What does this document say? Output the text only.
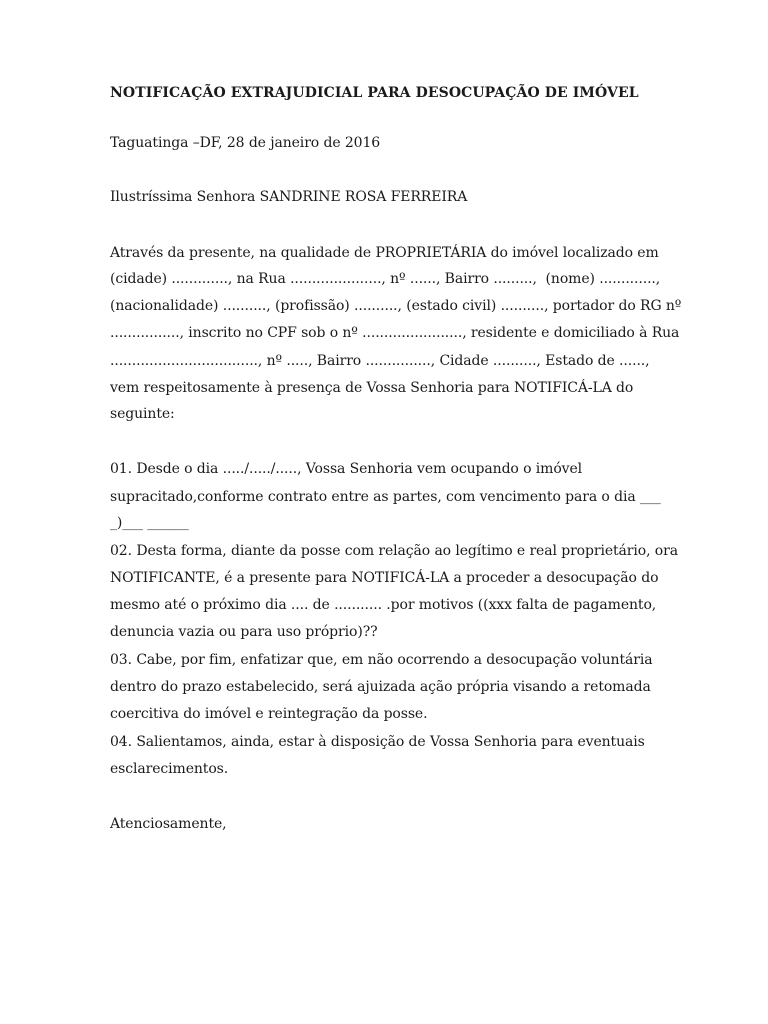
NOTIFICAÇÃO EXTRAJUDICIAL PARA DESOCUPAÇÃO DE IMÓVEL
Taguatinga –DF, 28 de janeiro de 2016
Ilustríssima Senhora SANDRINE ROSA FERREIRA
Através da presente, na qualidade de PROPRIETÁRIA do imóvel localizado em
(cidade) ............., na Rua ....................., nº ......, Bairro .........,  (nome) .............,
(nacionalidade) .........., (profissão) .........., (estado civil) .........., portador do RG nº
................, inscrito no CPF sob o nº ......................., residente e domiciliado à Rua
.................................., nº ....., Bairro ..............., Cidade .........., Estado de ......,
vem respeitosamente à presença de Vossa Senhoria para NOTIFICÁ-LA do
seguinte:
01. Desde o dia ...../...../....., Vossa Senhoria vem ocupando o imóvel
supracitado,conforme contrato entre as partes, com vencimento para o dia ___
_)___ ______
02. Desta forma, diante da posse com relação ao legítimo e real proprietário, ora
NOTIFICANTE, é a presente para NOTIFICÁ-LA a proceder a desocupação do
mesmo até o próximo dia .... de ........... .por motivos ((xxx falta de pagamento,
denuncia vazia ou para uso próprio)??
03. Cabe, por fim, enfatizar que, em não ocorrendo a desocupação voluntária
dentro do prazo estabelecido, será ajuizada ação própria visando a retomada
coercitiva do imóvel e reintegração da posse.
04. Salientamos, ainda, estar à disposição de Vossa Senhoria para eventuais
esclarecimentos.
Atenciosamente,
